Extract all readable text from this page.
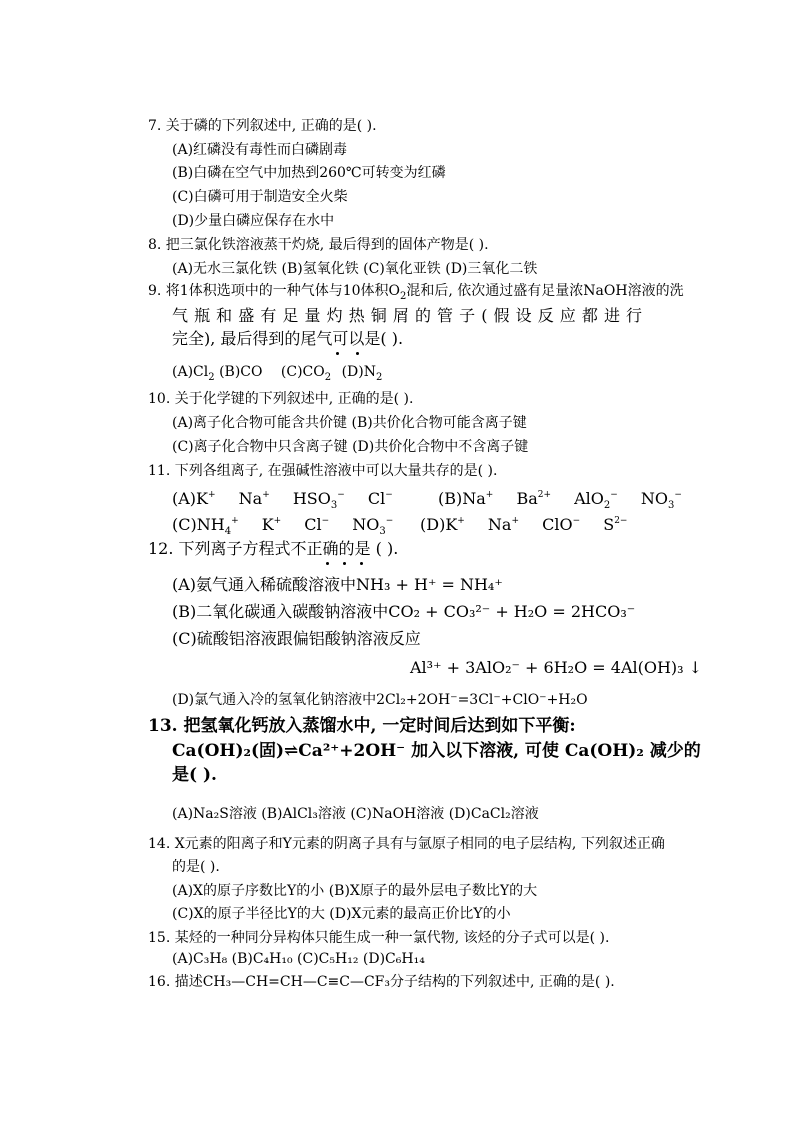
7. 关于磷的下列叙述中, 正确的是( ).
(A)红磷没有毒性而白磷剧毒
(B)白磷在空气中加热到260℃可转变为红磷
(C)白磷可用于制造安全火柴
(D)少量白磷应保存在水中
8. 把三氯化铁溶液蒸干灼烧, 最后得到的固体产物是( ).
(A)无水三氯化铁 (B)氢氧化铁 (C)氧化亚铁 (D)三氧化二铁
9. 将1体积选项中的一种气体与10体积$O_2$混和后, 依次通过盛有足量浓NaOH溶液的洗
气 瓶 和 盛 有 足 量 灼 热 铜 屑 的 管 子 ( 假 设 反 应 都 进 行
完全), 最后得到的尾气可以是( ).
$(A)Cl_2$ (B)CO $(C)CO_2$ $(D)N_2$
10. 关于化学键的下列叙述中, 正确的是( ).
(A)离子化合物可能含共价键 (B)共价化合物可能含离子键
(C)离子化合物中只含离子键 (D)共价化合物中不含离子键
11. 下列各组离子, 在强碱性溶液中可以大量共存的是( ).
(A)K+ Na+ $HSO_3^-$ Cl−	(B)Na+ $Ba^{2+}$ AlO$_2$− $NO_3^-$
$(C)NH_4^+$ K+ Cl− $NO_3^-$ (D)K+ Na+ ClO− $S^{2-}$
12. 下列离子方程式不正确的是 ( ).
(A)氨气通入稀硫酸溶液中NH₃ + H⁺ = NH₄⁺
(B)二氧化碳通入碳酸钠溶液中CO₂ + CO₃²⁻ + H₂O = 2HCO₃⁻
(C)硫酸铝溶液跟偏铝酸钠溶液反应
Al³⁺ + 3AlO₂⁻ + 6H₂O = 4Al(OH)₃ ↓
(D)氯气通入冷的氢氧化钠溶液中2Cl₂+2OH⁻=3Cl⁻+ClO⁻+H₂O
13. 把氢氧化钙放入蒸馏水中, 一定时间后达到如下平衡:
Ca(OH)₂(固)⇌Ca²⁺+2OH⁻ 加入以下溶液, 可使 Ca(OH)₂ 减少的
是( ).
(A)Na₂S溶液 (B)AlCl₃溶液 (C)NaOH溶液 (D)CaCl₂溶液
14. X元素的阳离子和Y元素的阴离子具有与氩原子相同的电子层结构, 下列叙述正确
的是( ).
(A)X的原子序数比Y的小 (B)X原子的最外层电子数比Y的大
(C)X的原子半径比Y的大 (D)X元素的最高正价比Y的小
15. 某烃的一种同分异构体只能生成一种一氯代物, 该烃的分子式可以是( ).
(A)C₃H₈ (B)C₄H₁₀ (C)C₅H₁₂ (D)C₆H₁₄
16. 描述CH₃—CH=CH—C≡C—CF₃分子结构的下列叙述中, 正确的是( ).
